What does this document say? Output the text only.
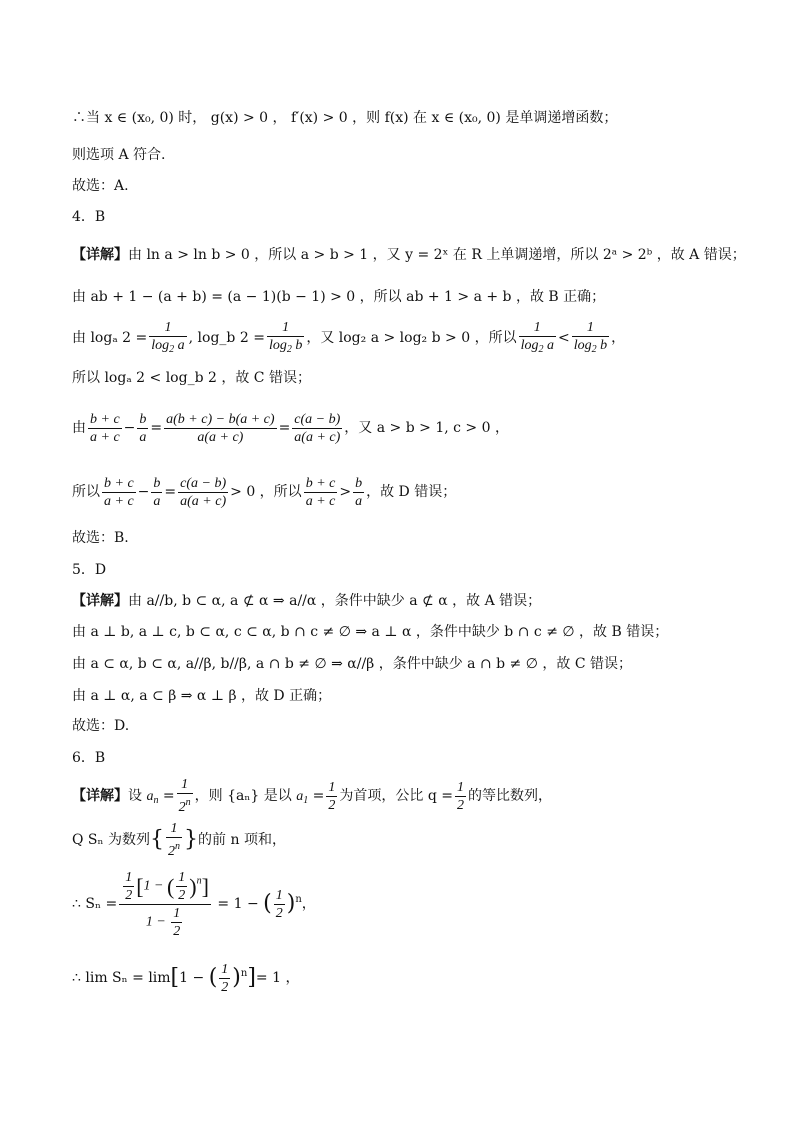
∴当 x ∈ (x₀, 0) 时， g(x) > 0 ， f′(x) > 0 ，则 f(x) 在 x ∈ (x₀, 0) 是单调递增函数；
则选项 A 符合.
故选：A.
4．B
【详解】由 ln a > ln b > 0 ，所以 a > b > 1 ，又 y = 2ˣ 在 R 上单调递增，所以 2ᵃ > 2ᵇ ，故 A 错误；
由 ab + 1 − (a + b) = (a − 1)(b − 1) > 0 ，所以 ab + 1 > a + b ，故 B 正确；
由 logₐ $2 = \frac{1}{\log_2 a}$ , log_b $2 = \frac{1}{\log_2 b}$ ，又 log₂ a > log₂ b > 0 ，所以 $\frac{1}{\log_2 a} < \frac{1}{\log_2 b}$ ，
所以 logₐ 2 < log_b 2 ，故 C 错误；
由 $\frac{b + c}{a + c} - \frac{b}{a} = \frac{a(b + c) - b(a + c)}{a(a + c)} = \frac{c(a - b)}{a(a + c)}$ ，又 a > b > 1, c > 0 ，
所以 $\frac{b + c}{a + c} - \frac{b}{a} = \frac{c(a - b)}{a(a + c)} > 0$ ，所以 $\frac{b + c}{a + c} > \frac{b}{a}$ ，故 D 错误；
故选：B.
5．D
【详解】由 a//b, b ⊂ α, a ⊄ α ⇒ a//α ，条件中缺少 a ⊄ α ，故 A 错误；
由 a ⊥ b, a ⊥ c, b ⊂ α, c ⊂ α, b ∩ c ≠ ∅ ⇒ a ⊥ α ，条件中缺少 b ∩ c ≠ ∅ ，故 B 错误；
由 a ⊂ α, b ⊂ α, a//β, b//β, a ∩ b ≠ ∅ ⇒ α//β ，条件中缺少 a ∩ b ≠ ∅ ，故 C 错误；
由 a ⊥ α, a ⊂ β ⇒ α ⊥ β ，故 D 正确；
故选：D.
6．B
【详解】设 $a_n = \frac{1}{2^n}$ ，则 {aₙ} 是以 $a_1 = \frac{1}{2}$ 为首项，公比 $q = \frac{1}{2}$ 的等比数列，
Q Sₙ 为数列{ $\frac{1}{2^n}$ }的前 n 项和，
∴ $S_n = \frac{\frac{1}{2} [1 - ( \frac{1}{2} )^n]}{1 - \frac{1}{2}} = 1$ − ( $\frac{1}{2} )^n$，
∴ lim Sₙ = lim[1 − ( $\frac{1}{2} )^n]= 1$ ，
